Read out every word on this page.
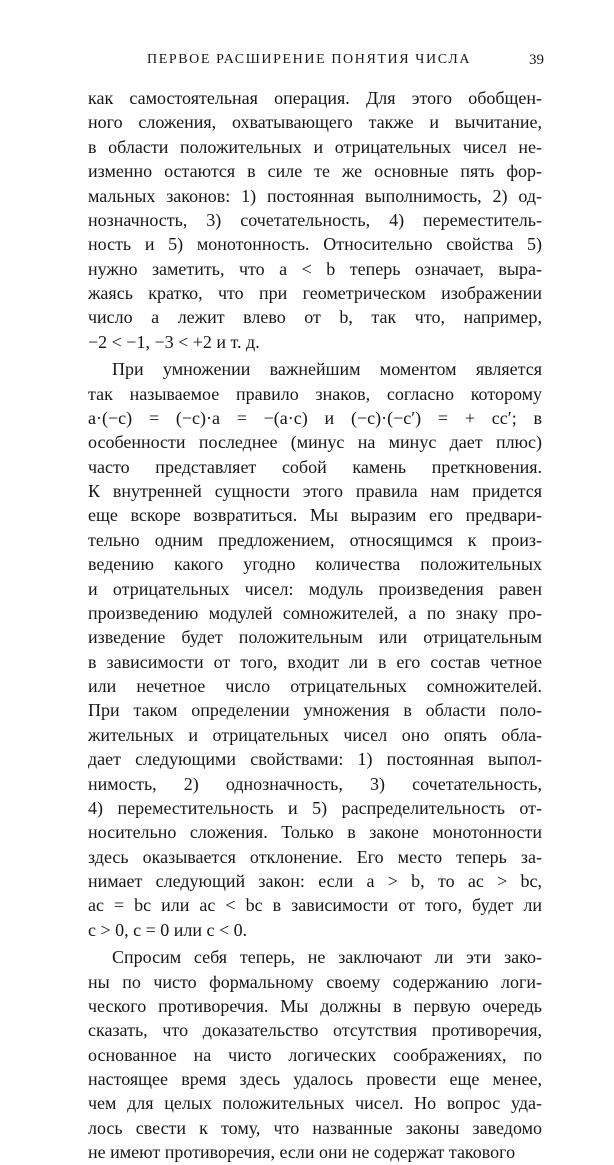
ПЕРВОЕ РАСШИРЕНИЕ ПОНЯТИЯ ЧИСЛА	39
как самостоятельная операция. Для этого обобщен-
ного сложения, охватывающего также и вычитание,
в области положительных и отрицательных чисел не-
изменно остаются в силе те же основные пять фор-
мальных законов: 1) постоянная выполнимость, 2) од-
нозначность, 3) сочетательность, 4) переместитель-
ность и 5) монотонность. Относительно свойства 5)
нужно заметить, что a < b теперь означает, выра-
жаясь кратко, что при геометрическом изображении
число a лежит влево от b, так что, например,
−2 < −1, −3 < +2 и т. д.
При умножении важнейшим моментом является
так называемое правило знаков, согласно которому
a·(−c) = (−c)·a = −(a·c) и (−c)·(−c′) = + cc′; в
особенности последнее (минус на минус дает плюс)
часто представляет собой камень преткновения.
К внутренней сущности этого правила нам придется
еще вскоре возвратиться. Мы выразим его предвари-
тельно одним предложением, относящимся к произ-
ведению какого угодно количества положительных
и отрицательных чисел: модуль произведения равен
произведению модулей сомножителей, а по знаку про-
изведение будет положительным или отрицательным
в зависимости от того, входит ли в его состав четное
или нечетное число отрицательных сомножителей.
При таком определении умножения в области поло-
жительных и отрицательных чисел оно опять обла-
дает следующими свойствами: 1) постоянная выпол-
нимость, 2) однозначность, 3) сочетательность,
4) переместительность и 5) распределительность от-
носительно сложения. Только в законе монотонности
здесь оказывается отклонение. Его место теперь за-
нимает следующий закон: если a > b, то ac > bc,
ac = bc или ac < bc в зависимости от того, будет ли
c > 0, c = 0 или c < 0.
Спросим себя теперь, не заключают ли эти зако-
ны по чисто формальному своему содержанию логи-
ческого противоречия. Мы должны в первую очередь
сказать, что доказательство отсутствия противоречия,
основанное на чисто логических соображениях, по
настоящее время здесь удалось провести еще менее,
чем для целых положительных чисел. Но вопрос уда-
лось свести к тому, что названные законы заведомо
не имеют противоречия, если они не содержат такового
